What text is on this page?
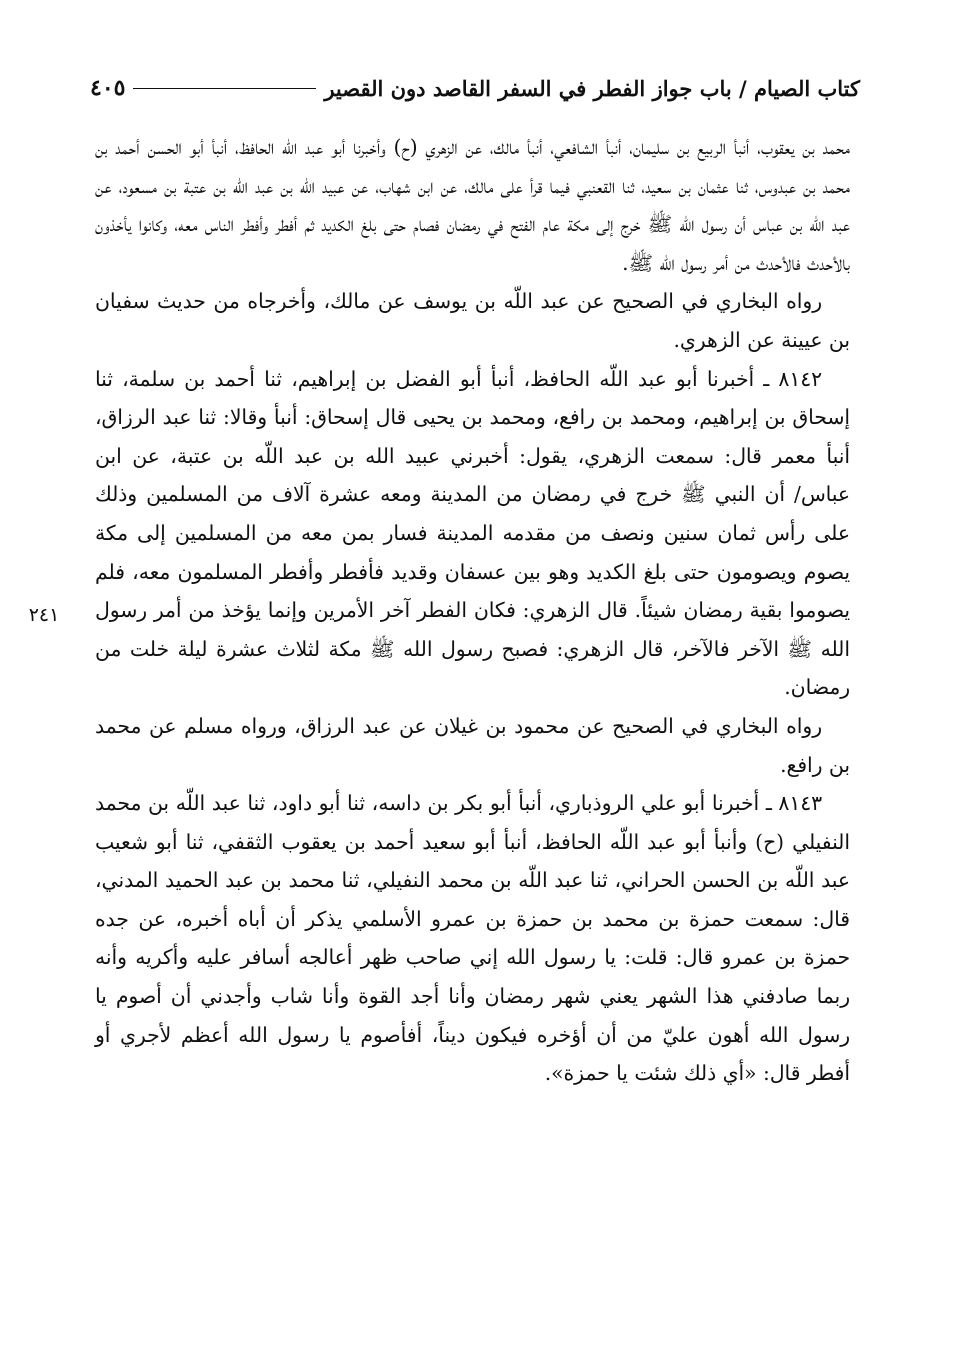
كتاب الصيام / باب جواز الفطر في السفر القاصد دون القصير
٤٠٥
٢٤١

محمد بن يعقوب، أنبأ الربيع بن سليمان، أنبأ الشافعي، أنبأ مالك، عن الزهري (ح) وأخبرنا أبو عبد اللّه الحافظ، أنبأ أبو الحسن أحمد بن محمد بن عبدوس، ثنا عثمان بن سعيد، ثنا القعنبي فيما قرأ على مالك، عن ابن شهاب، عن عبيد الله بن عبد اللّه بن عتبة بن مسعود، عن عبد اللّه بن عباس أن رسول الله ﷺ خرج إلى مكة عام الفتح في رمضان فصام حتى بلغ الكديد ثم أفطر وأفطر الناس معه، وكانوا يأخذون بالأحدث فالأحدث من أمر رسول الله ﷺ.

رواه البخاري في الصحيح عن عبد اللّه بن يوسف عن مالك، وأخرجاه من حديث سفيان بن عيينة عن الزهري.

٨١٤٢ ـ أخبرنا أبو عبد اللّه الحافظ، أنبأ أبو الفضل بن إبراهيم، ثنا أحمد بن سلمة، ثنا إسحاق بن إبراهيم، ومحمد بن رافع، ومحمد بن يحيى قال إسحاق: أنبأ وقالا: ثنا عبد الرزاق، أنبأ معمر قال: سمعت الزهري، يقول: أخبرني عبيد الله بن عبد اللّه بن عتبة، عن ابن عباس/ أن النبي ﷺ خرج في رمضان من المدينة ومعه عشرة آلاف من المسلمين وذلك على رأس ثمان سنين ونصف من مقدمه المدينة فسار بمن معه من المسلمين إلى مكة يصوم ويصومون حتى بلغ الكديد وهو بين عسفان وقديد فأفطر وأفطر المسلمون معه، فلم يصوموا بقية رمضان شيئاً. قال الزهري: فكان الفطر آخر الأمرين وإنما يؤخذ من أمر رسول الله ﷺ الآخر فالآخر، قال الزهري: فصبح رسول الله ﷺ مكة لثلاث عشرة ليلة خلت من رمضان.

رواه البخاري في الصحيح عن محمود بن غيلان عن عبد الرزاق، ورواه مسلم عن محمد بن رافع.

٨١٤٣ ـ أخبرنا أبو علي الروذباري، أنبأ أبو بكر بن داسه، ثنا أبو داود، ثنا عبد اللّه بن محمد النفيلي (ح) وأنبأ أبو عبد اللّه الحافظ، أنبأ أبو سعيد أحمد بن يعقوب الثقفي، ثنا أبو شعيب عبد اللّه بن الحسن الحراني، ثنا عبد اللّه بن محمد النفيلي، ثنا محمد بن عبد الحميد المدني، قال: سمعت حمزة بن محمد بن حمزة بن عمرو الأسلمي يذكر أن أباه أخبره، عن جده حمزة بن عمرو قال: قلت: يا رسول الله إني صاحب ظهر أعالجه أسافر عليه وأكريه وأنه ربما صادفني هذا الشهر يعني شهر رمضان وأنا أجد القوة وأنا شاب وأجدني أن أصوم يا رسول الله أهون عليّ من أن أؤخره فيكون ديناً، أفأصوم يا رسول الله أعظم لأجري أو أفطر قال: «أي ذلك شئت يا حمزة».
